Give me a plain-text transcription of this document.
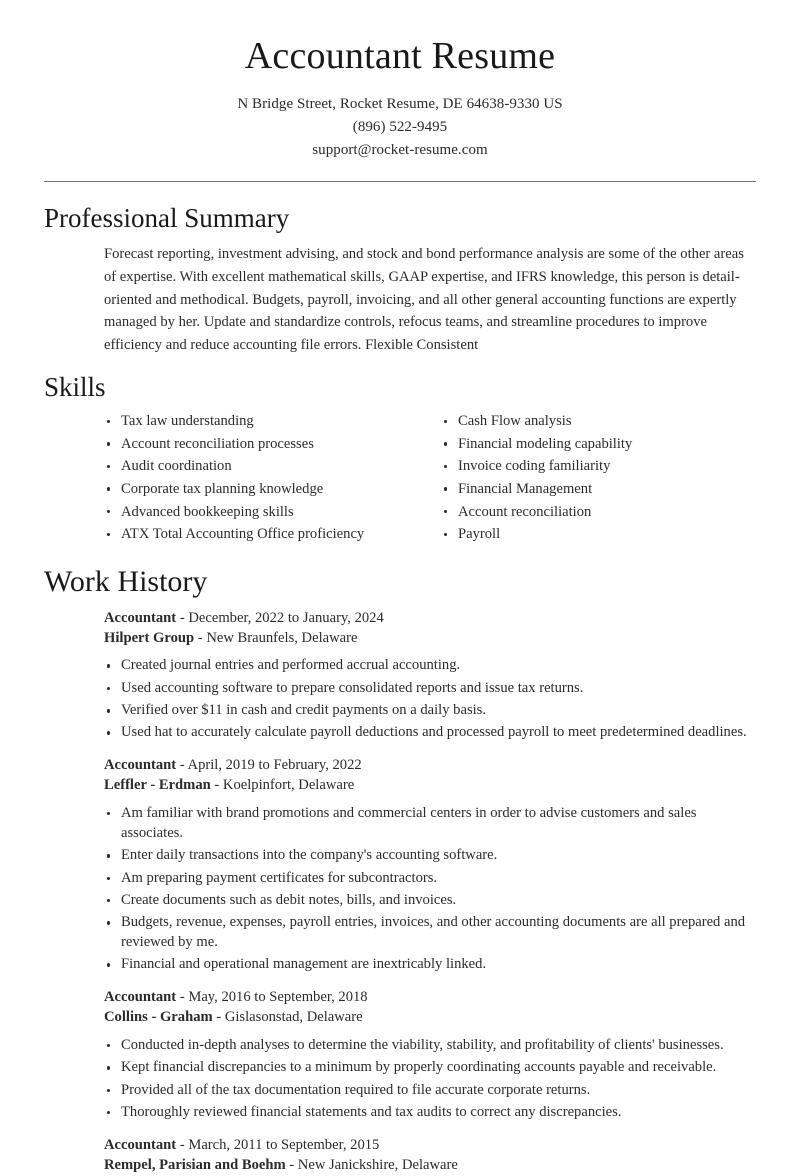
Accountant Resume
N Bridge Street, Rocket Resume, DE 64638-9330 US
(896) 522-9495
support@rocket-resume.com
Professional Summary

Forecast reporting, investment advising, and stock and bond performance analysis are some of the other areas of expertise. With excellent mathematical skills, GAAP expertise, and IFRS knowledge, this person is detail-oriented and methodical. Budgets, payroll, invoicing, and all other general accounting functions are expertly managed by her. Update and standardize controls, refocus teams, and streamline procedures to improve efficiency and reduce accounting file errors. Flexible Consistent

Skills
Tax law understanding
Account reconciliation processes
Audit coordination
Corporate tax planning knowledge
Advanced bookkeeping skills
ATX Total Accounting Office proficiency
Cash Flow analysis
Financial modeling capability
Invoice coding familiarity
Financial Management
Account reconciliation
Payroll
Work History
Accountant - December, 2022 to January, 2024
Hilpert Group - New Braunfels, Delaware
Created journal entries and performed accrual accounting.
Used accounting software to prepare consolidated reports and issue tax returns.
Verified over $11 in cash and credit payments on a daily basis.
Used hat to accurately calculate payroll deductions and processed payroll to meet predetermined deadlines.
Accountant - April, 2019 to February, 2022
Leffler - Erdman - Koelpinfort, Delaware
Am familiar with brand promotions and commercial centers in order to advise customers and sales associates.
Enter daily transactions into the company's accounting software.
Am preparing payment certificates for subcontractors.
Create documents such as debit notes, bills, and invoices.
Budgets, revenue, expenses, payroll entries, invoices, and other accounting documents are all prepared and reviewed by me.
Financial and operational management are inextricably linked.
Accountant - May, 2016 to September, 2018
Collins - Graham - Gislasonstad, Delaware
Conducted in-depth analyses to determine the viability, stability, and profitability of clients' businesses.
Kept financial discrepancies to a minimum by properly coordinating accounts payable and receivable.
Provided all of the tax documentation required to file accurate corporate returns.
Thoroughly reviewed financial statements and tax audits to correct any discrepancies.
Accountant - March, 2011 to September, 2015
Rempel, Parisian and Boehm - New Janickshire, Delaware
